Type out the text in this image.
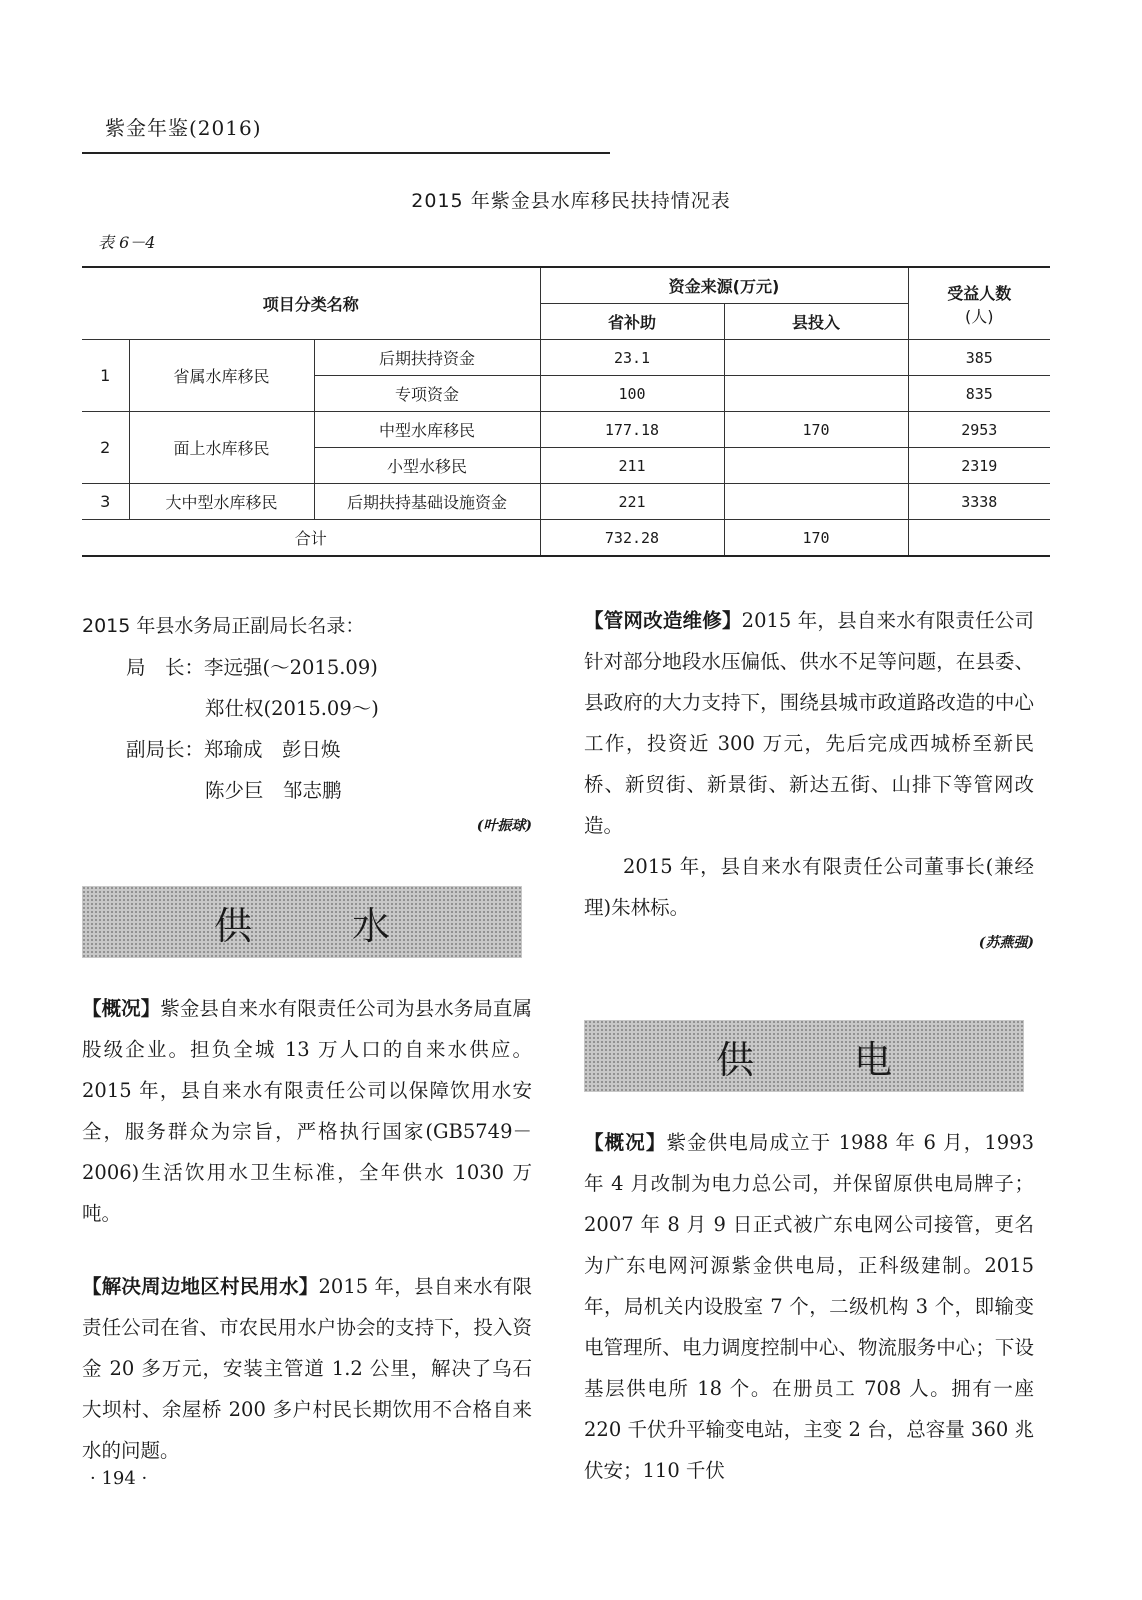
紫金年鉴(2016)
2015 年紫金县水库移民扶持情况表
表 6－4
项目分类名称			资金来源(万元)		受益人数
(人)

			省补助	县投入	
1	省属水库移民	后期扶持资金	23.1		385
		专项资金	100		835
2	面上水库移民	中型水库移民	177.18	170	2953
		小型水移民	211		2319
3	大中型水库移民	后期扶持基础设施资金	221		3338
合计			732.28	170	
2015 年县水务局正副局长名录：
局　长：李远强(～2015.09)
郑仕权(2015.09～)
副局长：郑瑜成　彭日焕
陈少巨　邹志鹏
(叶振球)
供水

【概况】紫金县自来水有限责任公司为县水务局直属股级企业。担负全城 13 万人口的自来水供应。2015 年，县自来水有限责任公司以保障饮用水安全，服务群众为宗旨，严格执行国家(GB5749－2006)生活饮用水卫生标准，全年供水 1030 万吨。

【解决周边地区村民用水】2015 年，县自来水有限责任公司在省、市农民用水户协会的支持下，投入资金 20 多万元，安装主管道 1.2 公里，解决了乌石大坝村、余屋桥 200 多户村民长期饮用不合格自来水的问题。

【管网改造维修】2015 年，县自来水有限责任公司针对部分地段水压偏低、供水不足等问题，在县委、县政府的大力支持下，围绕县城市政道路改造的中心工作，投资近 300 万元，先后完成西城桥至新民桥、新贸街、新景街、新达五街、山排下等管网改造。

2015 年，县自来水有限责任公司董事长(兼经理)朱林标。

(苏燕强)
供电

【概况】紫金供电局成立于 1988 年 6 月，1993 年 4 月改制为电力总公司，并保留原供电局牌子；2007 年 8 月 9 日正式被广东电网公司接管，更名为广东电网河源紫金供电局，正科级建制。2015 年，局机关内设股室 7 个，二级机构 3 个，即输变电管理所、电力调度控制中心、物流服务中心；下设基层供电所 18 个。在册员工 708 人。拥有一座 220 千伏升平输变电站，主变 2 台，总容量 360 兆伏安；110 千伏

· 194 ·
